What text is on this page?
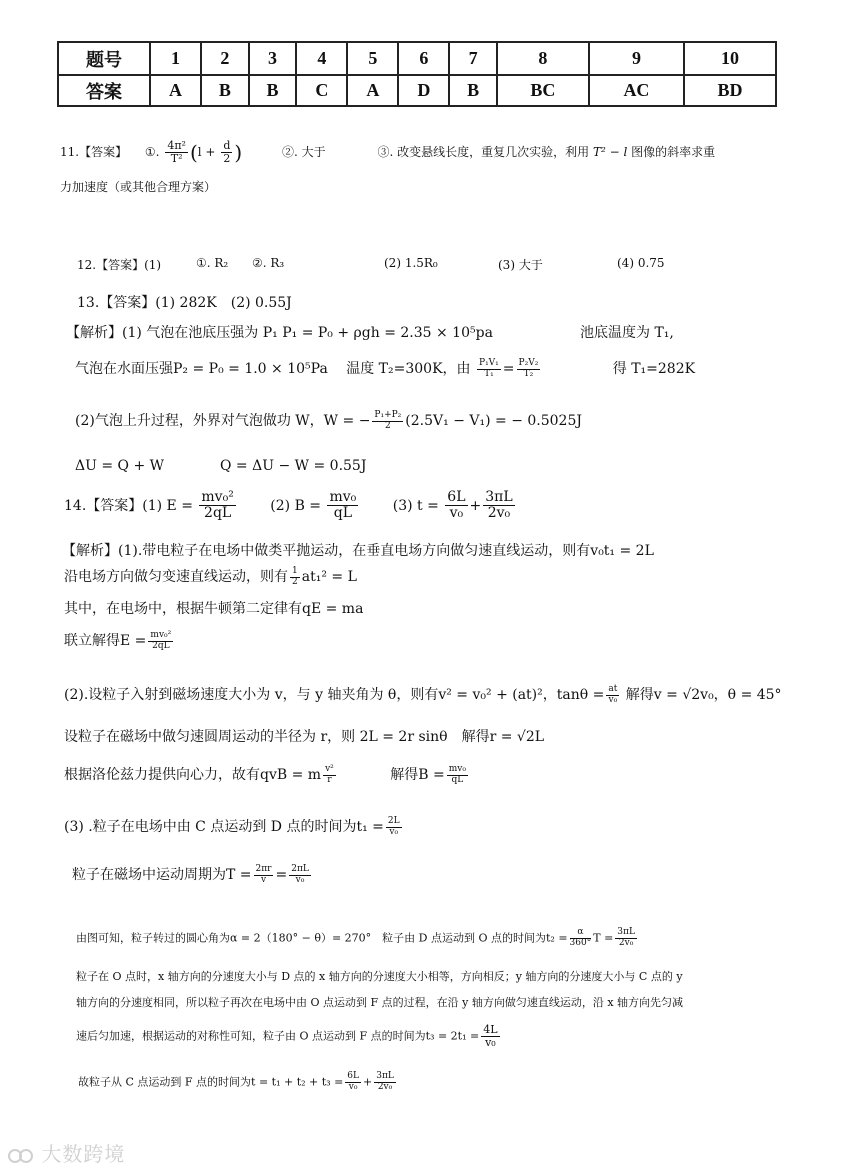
题号	1	2	3	4	5	6	7	8	9	10
答案	A	B	B	C	A	D	B	BC	AC	BD
11.【答案】 ①. $\frac{\text{4π²}}{\text{T²}} (l + \frac{d}{2}$ )	②. 大于	③. 改变悬线长度，重复几次实验，利用 T² − l 图像的斜率求重
力加速度（或其他合理方案）
12.【答案】(1)	①. R₂ ②. R₃	(2) 1.5R₀	(3) 大于	(4) 0.75
13.【答案】(1) 282K　(2) 0.55J
【解析】(1) 气泡在池底压强为 P₁ P₁ = P₀ + ρgh = 2.35 × 10⁵pa	池底温度为 T₁,
气泡在水面压强P₂ = P₀ = 1.0 × 10⁵Pa　 温度 T₂=300K，由 $\frac{\text{P₁V₁}}{\text{T₁}} = \frac{\text{P₂V₂}}{\text{T₂}}$	得 T₁=282K
(2)气泡上升过程，外界对气泡做功 W，W = − $\frac{\text{P₁+P₂}}{2} (2.5V_1 - V_1)$ = − 0.5025J
ΔU = Q + W	Q = ΔU − W = 0.55J
14.【答案】(1) $E = \frac{\text{mv₀²}}{2qL} (2) B = \frac{\text{mv₀}}{qL} (3) t = \frac{6L}{\text{v₀}} + \frac{3\pi L}{\text{2v₀}}$
【解析】(1).带电粒子在电场中做类平抛运动，在垂直电场方向做匀速直线运动，则有v₀t₁ = 2L
沿电场方向做匀变速直线运动，则有 $\frac{1}{2} at_1^2 = L$
其中，在电场中，根据牛顿第二定律有qE = ma
联立解得$E = \frac{\text{mv₀²}}{2qL}$
(2).设粒子入射到磁场速度大小为 v，与 y 轴夹角为 θ，则有v² = v₀² + (at)²，$\tan\theta = \frac{at}{\text{v₀}}$ 解得v = √2v₀，θ = 45°
设粒子在磁场中做匀速圆周运动的半径为 r，则 2L = 2r sinθ　解得r = √2L
根据洛伦兹力提供向心力，故有qvB = m $\frac{\text{v²}}{r}$	解得$B = \frac{\text{mv₀}}{qL}$
(3) .粒子在电场中由 C 点运动到 D 点的时间为$t_1 = \frac{2L}{\text{v₀}}$
粒子在磁场中运动周期为$T = \frac{2\pi r}{v} = \frac{2\pi L}{\text{v₀}}$
由图可知，粒子转过的圆心角为α = 2（180° − θ）= 270°　粒子由 D 点运动到 O 点的时间为$t_2 = \frac{\alpha}{360^\circ}$ $T = \frac{3\pi L}{\text{2v₀}}$
粒子在 O 点时，x 轴方向的分速度大小与 D 点的 x 轴方向的分速度大小相等，方向相反；y 轴方向的分速度大小与 C 点的 y
轴方向的分速度相同，所以粒子再次在电场中由 O 点运动到 F 点的过程，在沿 y 轴方向做匀速直线运动，沿 x 轴方向先匀减
速后匀加速，根据运动的对称性可知，粒子由 O 点运动到 F 点的时间为$t_3 = 2t_1 = \frac{4L}{\text{v₀}}$
故粒子从 C 点运动到 F 点的时间为$t = t_1 + t_2 + t_3 = \frac{6L}{\text{v₀}} + \frac{3\pi L}{\text{2v₀}}$
大数跨境
